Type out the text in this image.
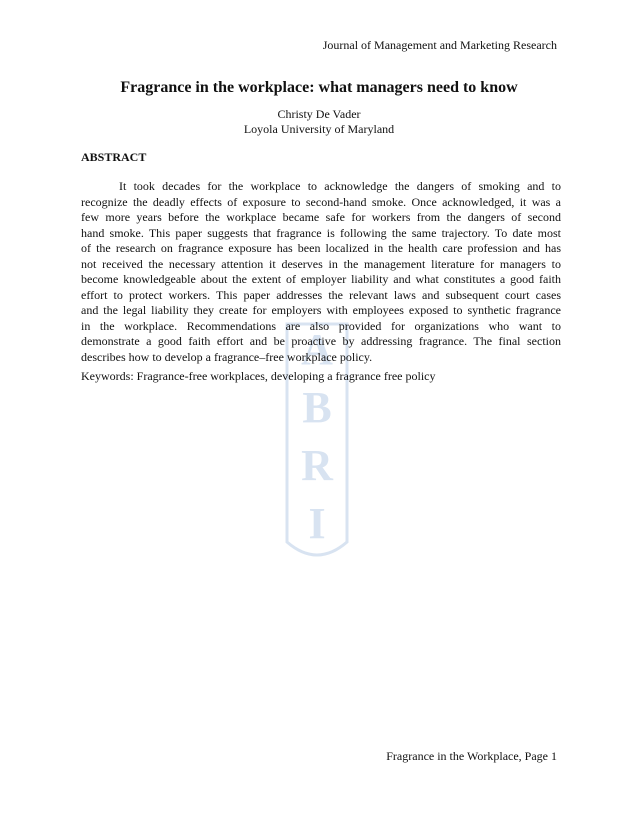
A
B
R
I
Journal of Management and Marketing Research
Fragrance in the workplace: what managers need to know
Christy De Vader
Loyola University of Maryland
ABSTRACT
It took decades for the workplace to acknowledge the dangers of smoking and to
recognize the deadly effects of exposure to second-hand smoke. Once acknowledged, it was a
few more years before the workplace became safe for workers from the dangers of second
hand smoke. This paper suggests that fragrance is following the same trajectory. To date most
of the research on fragrance exposure has been localized in the health care profession and has
not received the necessary attention it deserves in the management literature for managers to
become knowledgeable about the extent of employer liability and what constitutes a good faith
effort to protect workers. This paper addresses the relevant laws and subsequent court cases
and the legal liability they create for employers with employees exposed to synthetic fragrance
in the workplace. Recommendations are also provided for organizations who want to
demonstrate a good faith effort and be proactive by addressing fragrance. The final section
describes how to develop a fragrance–free workplace policy.
Keywords: Fragrance-free workplaces, developing a fragrance free policy
Fragrance in the Workplace, Page 1
